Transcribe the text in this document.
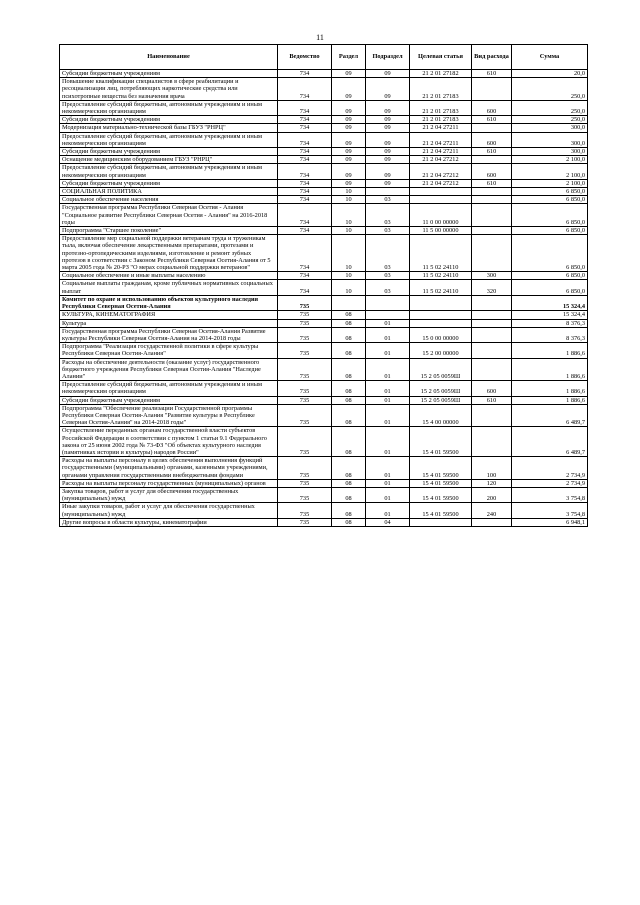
11
Наименование	Ведомство	Раздел	Подраздел	Целевая статья	Вид расхода	Сумма
Субсидии бюджетным учреждениям	734	09	09	21 2 01 27182	610	20,0
Повышение квалификации специалистов в сфере реабилитации и ресоциализации лиц, потребляющих наркотические средства или психотропные вещества без назначения врача	734	09	09	21 2 01 27183		250,0
Предоставление субсидий бюджетным, автономным учреждениям и иным некоммерческим организациям	734	09	09	21 2 01 27183	600	250,0
Субсидии бюджетным учреждениям	734	09	09	21 2 01 27183	610	250,0
Модернизация материально-технической базы ГБУЗ "РНРЦ"	734	09	09	21 2 04 27211		300,0
Предоставление субсидий бюджетным, автономным учреждениям и иным некоммерческим организациям	734	09	09	21 2 04 27211	600	300,0
Субсидии бюджетным учреждениям	734	09	09	21 2 04 27211	610	300,0
Оснащение медицинским оборудованием ГБУЗ "РНРЦ"	734	09	09	21 2 04 27212		2 100,0
Предоставление субсидий бюджетным, автономным учреждениям и иным некоммерческим организациям	734	09	09	21 2 04 27212	600	2 100,0
Субсидии бюджетным учреждениям	734	09	09	21 2 04 27212	610	2 100,0
СОЦИАЛЬНАЯ ПОЛИТИКА	734	10				6 850,0
Социальное обеспечение населения	734	10	03			6 850,0
Государственная программа Республики Северная Осетия - Алания "Социальное развитие Республики Северная Осетия - Алания" на 2016-2018 годы	734	10	03	11 0 00 00000		6 850,0
Подпрограмма "Старшее поколение"	734	10	03	11 5 00 00000		6 850,0
Предоставление мер социальной поддержки ветеранам труда и труженикам тыла, включая обеспечение лекарственными препаратами, протезами и протезно-ортопедическими изделиями, изготовление и ремонт зубных протезов в соответствии с Законом Республики Северная Осетия-Алания от 5 марта 2005 года № 20-РЗ "О мерах социальной поддержки ветеранов"	734	10	03	11 5 02 24110		6 850,0
Социальное обеспечение и иные выплаты населению	734	10	03	11 5 02 24110	300	6 850,0
Социальные выплаты гражданам, кроме публичных нормативных социальных выплат	734	10	03	11 5 02 24110	320	6 850,0
Комитет по охране и использованию объектов культурного наследия Республики Северная Осетия-Алания	735					15 324,4
КУЛЬТУРА, КИНЕМАТОГРАФИЯ	735	08				15 324,4
Культура	735	08	01			8 376,3
Государственная программа Республики Северная Осетия-Алания Развитие культуры Республики Северная Осетия-Алания на 2014-2018 годы	735	08	01	15 0 00 00000		8 376,3
Подпрограмма "Реализация государственной политики в сфере культуры Республики Северная Осетия-Алания"	735	08	01	15 2 00 00000		1 886,6
Расходы на обеспечение деятельности (оказание услуг) государственного бюджетного учреждения Республики Северная Осетия-Алания "Наследие Алании"	735	08	01	15 2 05 0059Ш		1 886,6
Предоставление субсидий бюджетным, автономным учреждениям и иным некоммерческим организациям	735	08	01	15 2 05 0059Ш	600	1 886,6
Субсидии бюджетным учреждениям	735	08	01	15 2 05 0059Ш	610	1 886,6
Подпрограмма "Обеспечение реализации Государственной программы Республики Северная Осетия-Алания "Развитие культуры в Республике Северная Осетия-Алания" на 2014-2018 годы"	735	08	01	15 4 00 00000		6 489,7
Осуществление переданных органам государственной власти субъектов Российской Федерации в соответствии с пунктом 1 статьи 9.1 Федерального закона от 25 июня 2002 года № 73-ФЗ "Об объектах культурного наследия (памятниках истории и культуры) народов России"	735	08	01	15 4 01 59500		6 489,7
Расходы на выплаты персоналу в целях обеспечения выполнения функций государственными (муниципальными) органами, казенными учреждениями, органами управления государственными внебюджетными фондами	735	08	01	15 4 01 59500	100	2 734,9
Расходы на выплаты персоналу государственных (муниципальных) органов	735	08	01	15 4 01 59500	120	2 734,9
Закупка товаров, работ и услуг для обеспечения государственных (муниципальных) нужд	735	08	01	15 4 01 59500	200	3 754,8
Иные закупки товаров, работ и услуг для обеспечения государственных (муниципальных) нужд	735	08	01	15 4 01 59500	240	3 754,8
Другие вопросы в области культуры, кинематографии	735	08	04			6 948,1
